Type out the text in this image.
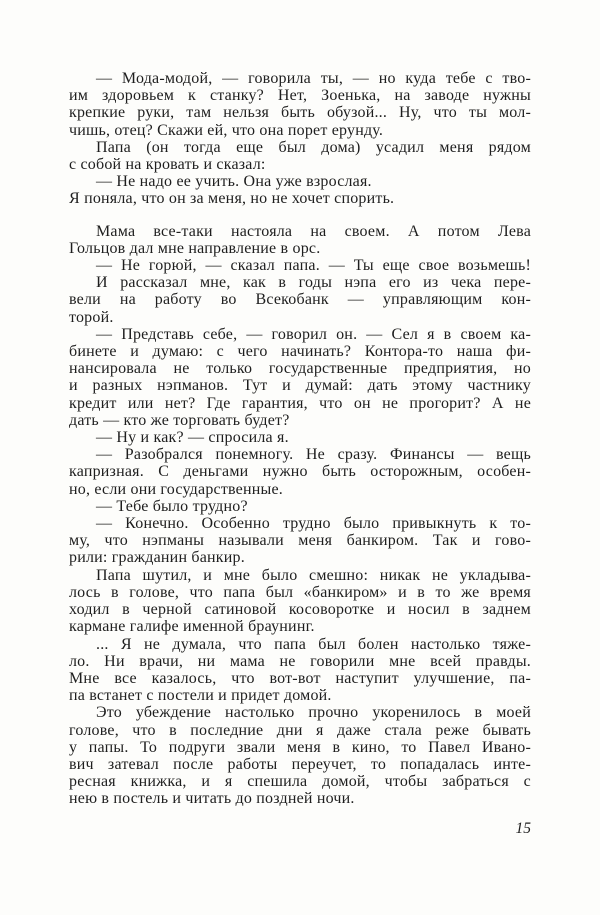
— Мода-модой, — говорила ты, — но куда тебе с тво-
им здоровьем к станку? Нет, Зоенька, на заводе нужны
крепкие руки, там нельзя быть обузой... Ну, что ты мол-
чишь, отец? Скажи ей, что она порет ерунду.
Папа (он тогда еще был дома) усадил меня рядом
с собой на кровать и сказал:
— Не надо ее учить. Она уже взрослая.
Я поняла, что он за меня, но не хочет спорить.
Мама все-таки настояла на своем. А потом Лева
Гольцов дал мне направление в орс.
— Не горюй, — сказал папа. — Ты еще свое возьмешь!
И рассказал мне, как в годы нэпа его из чека пере-
вели на работу во Всекобанк — управляющим кон-
торой.
— Представь себе, — говорил он. — Сел я в своем ка-
бинете и думаю: с чего начинать? Контора-то наша фи-
нансировала не только государственные предприятия, но
и разных нэпманов. Тут и думай: дать этому частнику
кредит или нет? Где гарантия, что он не прогорит? А не
дать — кто же торговать будет?
— Ну и как? — спросила я.
— Разобрался понемногу. Не сразу. Финансы — вещь
капризная. С деньгами нужно быть осторожным, особен-
но, если они государственные.
— Тебе было трудно?
— Конечно. Особенно трудно было привыкнуть к то-
му, что нэпманы называли меня банкиром. Так и гово-
рили: гражданин банкир.
Папа шутил, и мне было смешно: никак не укладыва-
лось в голове, что папа был «банкиром» и в то же время
ходил в черной сатиновой косоворотке и носил в заднем
кармане галифе именной браунинг.
... Я не думала, что папа был болен настолько тяже-
ло. Ни врачи, ни мама не говорили мне всей правды.
Мне все казалось, что вот-вот наступит улучшение, па-
па встанет с постели и придет домой.
Это убеждение настолько прочно укоренилось в моей
голове, что в последние дни я даже стала реже бывать
у папы. То подруги звали меня в кино, то Павел Ивано-
вич затевал после работы переучет, то попадалась инте-
ресная книжка, и я спешила домой, чтобы забраться с
нею в постель и читать до поздней ночи.
15
